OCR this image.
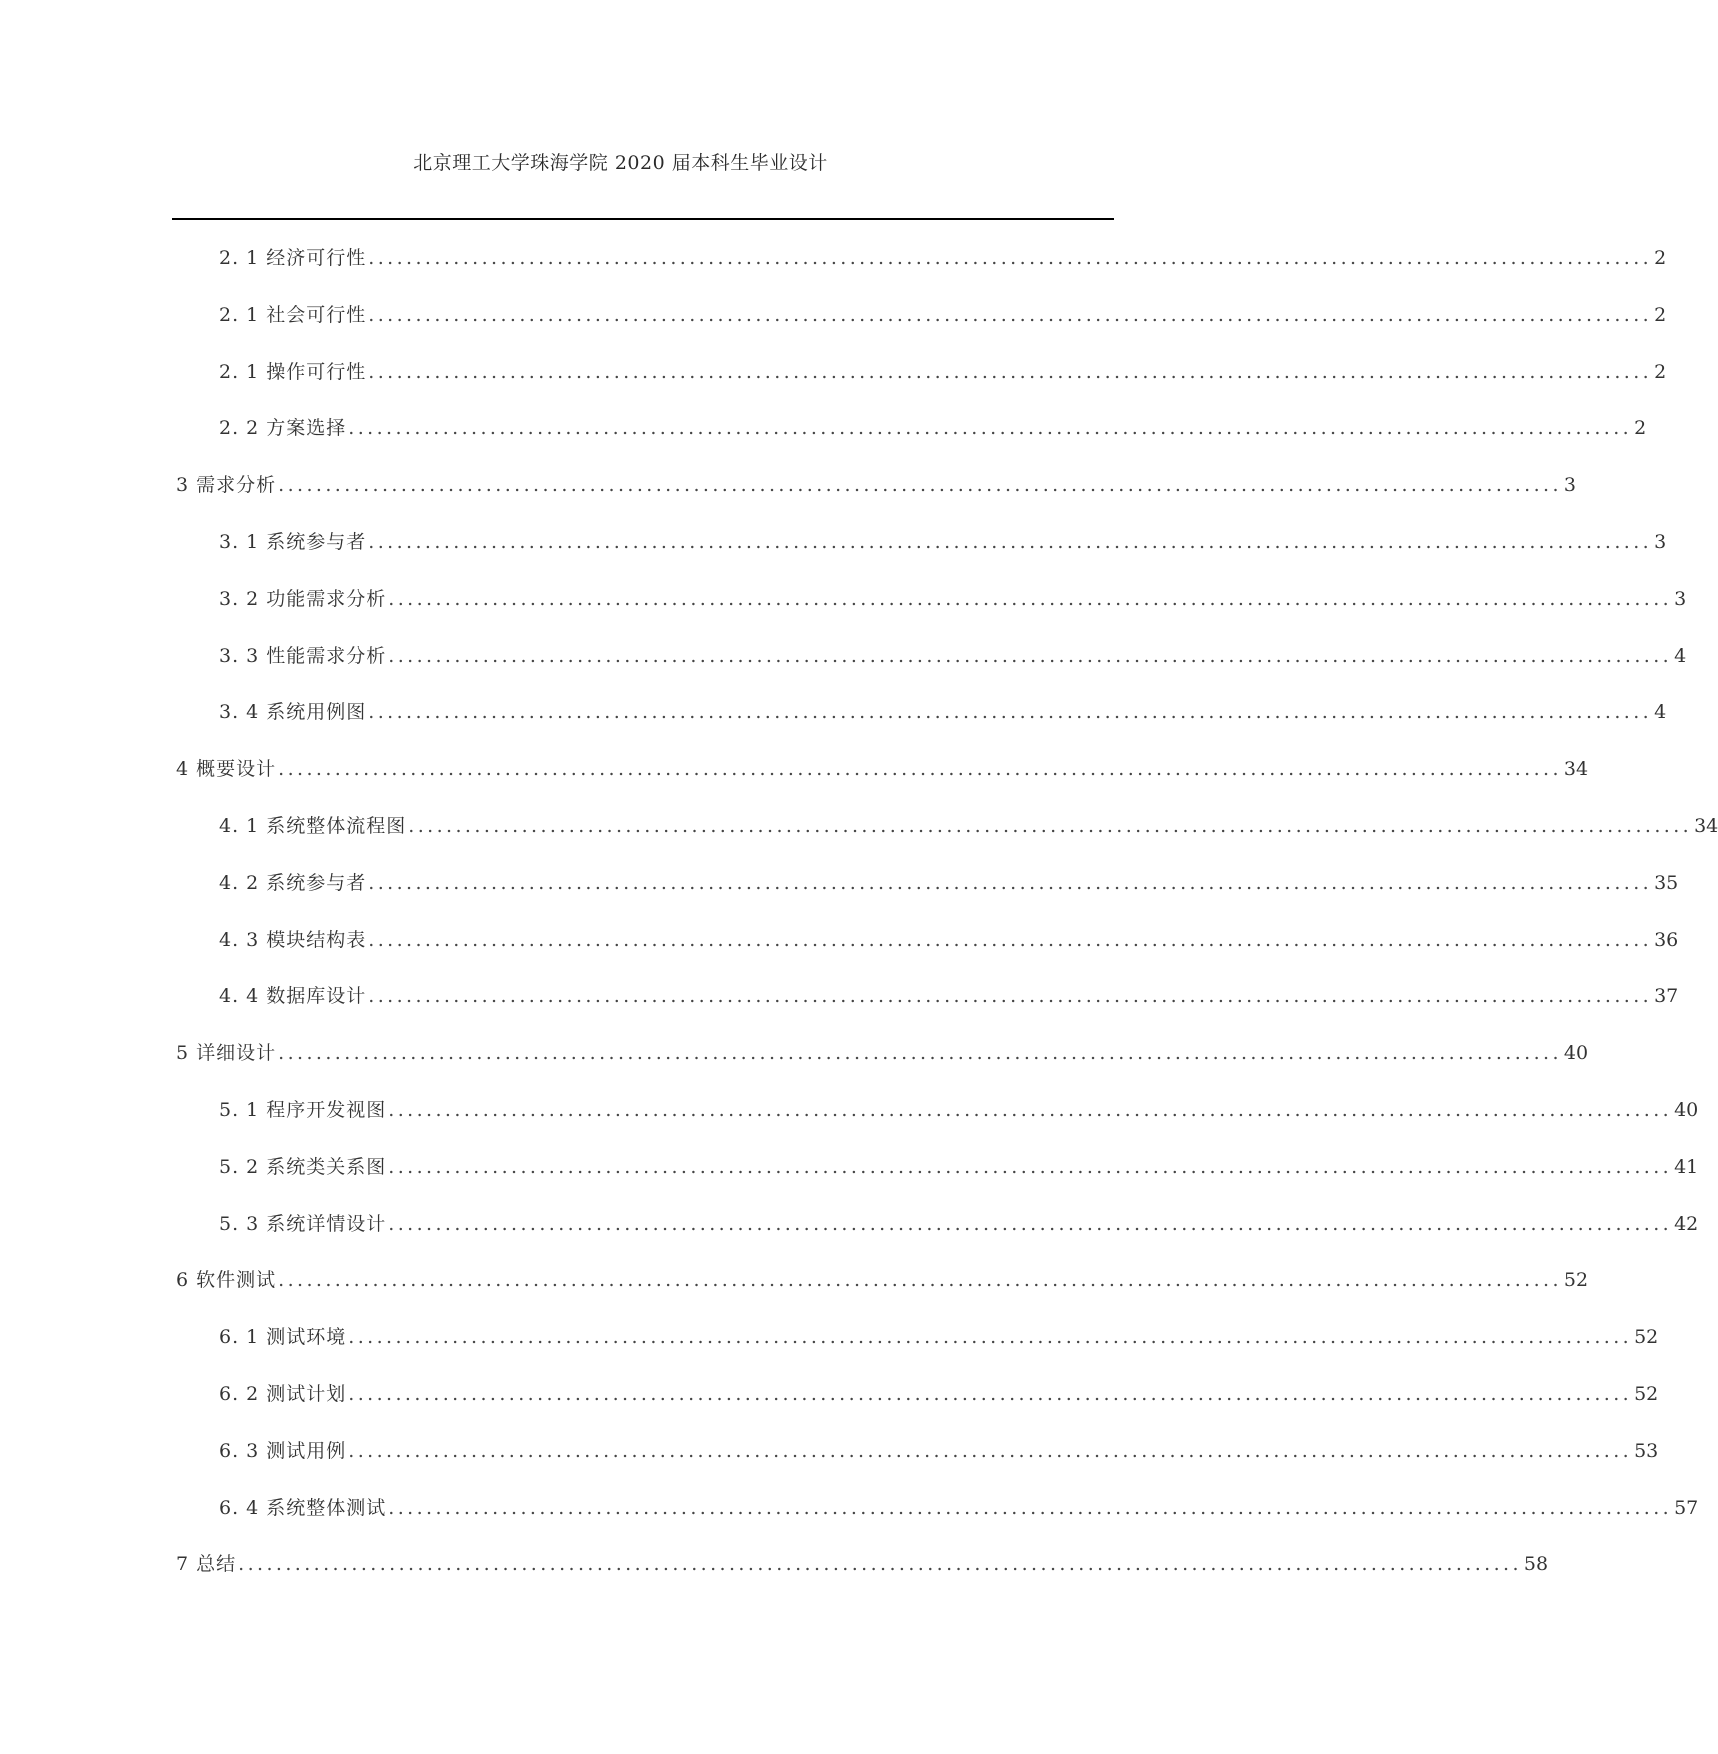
北京理工大学珠海学院 2020 届本科生毕业设计
2. 1 经济可行性 ........................................................................................................................................ 2
2. 1 社会可行性 ........................................................................................................................................ 2
2. 1 操作可行性 ........................................................................................................................................ 2
2. 2 方案选择 ........................................................................................................................................ 2
3 需求分析 ........................................................................................................................................ 3
3. 1 系统参与者 ........................................................................................................................................ 3
3. 2 功能需求分析 ........................................................................................................................................ 3
3. 3 性能需求分析 ........................................................................................................................................ 4
3. 4 系统用例图 ........................................................................................................................................ 4
4 概要设计 ........................................................................................................................................ 34
4. 1 系统整体流程图 ........................................................................................................................................ 34
4. 2 系统参与者 ........................................................................................................................................ 35
4. 3 模块结构表 ........................................................................................................................................ 36
4. 4 数据库设计 ........................................................................................................................................ 37
5 详细设计 ........................................................................................................................................ 40
5. 1 程序开发视图 ........................................................................................................................................ 40
5. 2 系统类关系图 ........................................................................................................................................ 41
5. 3 系统详情设计 ........................................................................................................................................ 42
6 软件测试 ........................................................................................................................................ 52
6. 1 测试环境 ........................................................................................................................................ 52
6. 2 测试计划 ........................................................................................................................................ 52
6. 3 测试用例 ........................................................................................................................................ 53
6. 4 系统整体测试 ........................................................................................................................................ 57
7 总结 ........................................................................................................................................ 58
